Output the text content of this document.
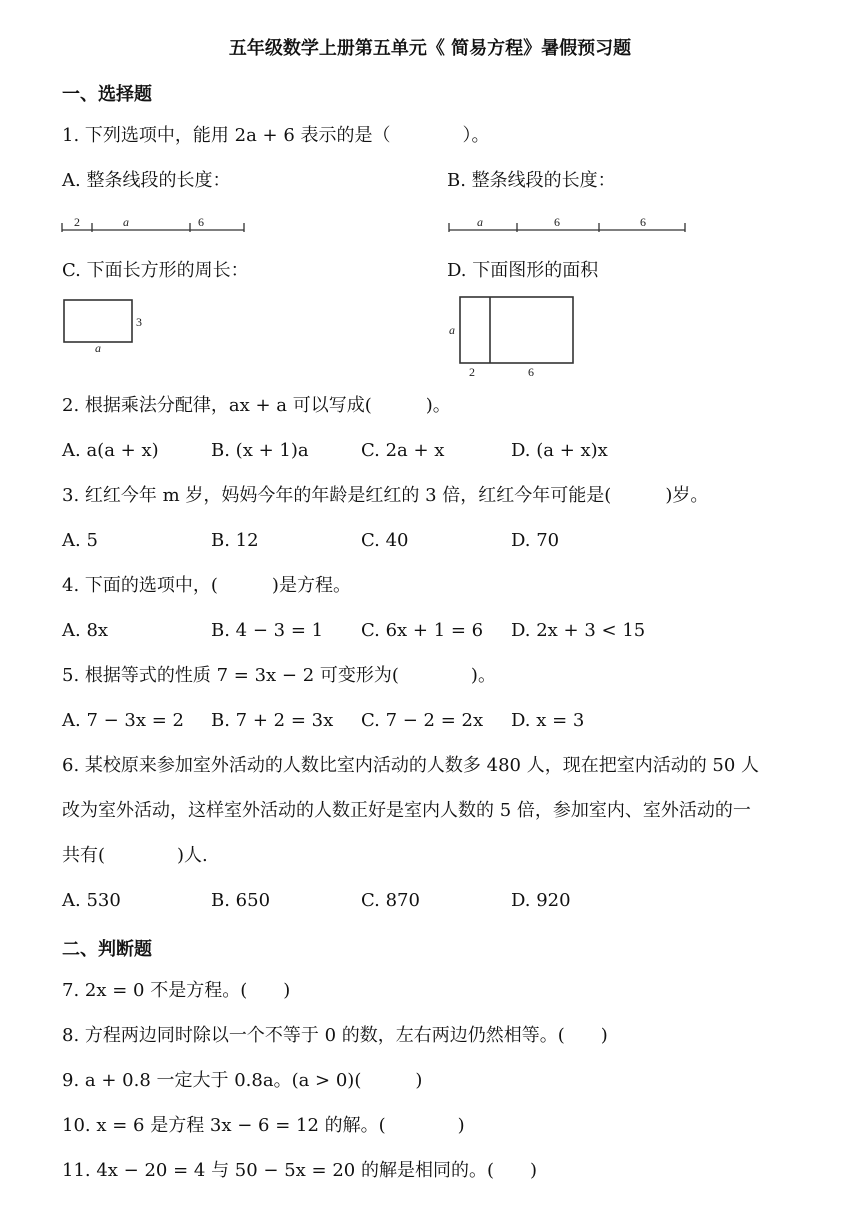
五年级数学上册第五单元《 简易方程》暑假预习题
一、选择题
1. 下列选项中，能用 2a + 6 表示的是（　　　　）。
A. 整条线段的长度：	B. 整条线段的长度：
2	a	6	a	6	6
C. 下面长方形的周长：	D. 下面图形的面积
3
a
a
2	6
2. 根据乘法分配律，ax + a 可以写成(　　　)。
A. a(a + x)	B. (x + 1)a	C. 2a + x	D. (a + x)x
3. 红红今年 m 岁，妈妈今年的年龄是红红的 3 倍，红红今年可能是(　　　)岁。
A. 5	B. 12	C. 40	D. 70
4. 下面的选项中，(　　　)是方程。
A. 8x	B. 4 − 3 = 1 C. 6x + 1 = 6 D. 2x + 3 < 15
5. 根据等式的性质 7 = 3x − 2 可变形为(　　　　)。
A. 7 − 3x = 2 B. 7 + 2 = 3x C. 7 − 2 = 2x D. x = 3
6. 某校原来参加室外活动的人数比室内活动的人数多 480 人，现在把室内活动的 50 人
改为室外活动，这样室外活动的人数正好是室内人数的 5 倍，参加室内、室外活动的一
共有(　　　　)人.
A. 530	B. 650	C. 870	D. 920
二、判断题
7. 2x = 0 不是方程。(　　)
8. 方程两边同时除以一个不等于 0 的数，左右两边仍然相等。(　　)
9. a + 0.8 一定大于 0.8a。(a > 0)(　　　)
10. x = 6 是方程 3x − 6 = 12 的解。(　　　　)
11. 4x − 20 = 4 与 50 − 5x = 20 的解是相同的。(　　)
